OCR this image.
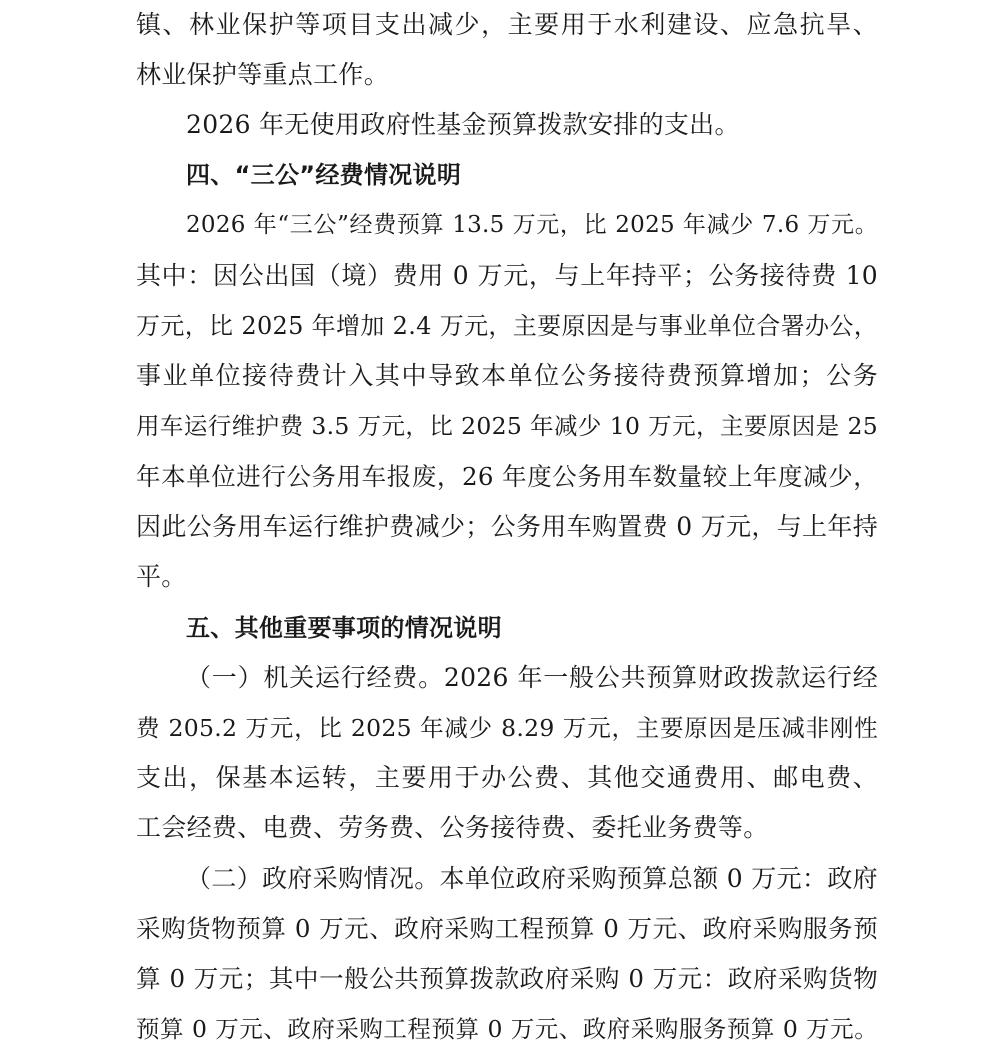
镇、林业保护等项目支出减少，主要用于水利建设、应急抗旱、
林业保护等重点工作。
2026 年无使用政府性基金预算拨款安排的支出。
四、“三公”经费情况说明
2026 年“三公”经费预算 13.5 万元，比 2025 年减少 7.6 万元。
其中：因公出国（境）费用 0 万元，与上年持平；公务接待费 10
万元，比 2025 年增加 2.4 万元，主要原因是与事业单位合署办公，
事业单位接待费计入其中导致本单位公务接待费预算增加；公务
用车运行维护费 3.5 万元，比 2025 年减少 10 万元，主要原因是 25
年本单位进行公务用车报废，26 年度公务用车数量较上年度减少，
因此公务用车运行维护费减少；公务用车购置费 0 万元，与上年持
平。
五、其他重要事项的情况说明
（一）机关运行经费。2026 年一般公共预算财政拨款运行经
费 205.2 万元，比 2025 年减少 8.29 万元，主要原因是压减非刚性
支出，保基本运转，主要用于办公费、其他交通费用、邮电费、
工会经费、电费、劳务费、公务接待费、委托业务费等。
（二）政府采购情况。本单位政府采购预算总额 0 万元：政府
采购货物预算 0 万元、政府采购工程预算 0 万元、政府采购服务预
算 0 万元；其中一般公共预算拨款政府采购 0 万元：政府采购货物
预算 0 万元、政府采购工程预算 0 万元、政府采购服务预算 0 万元。
